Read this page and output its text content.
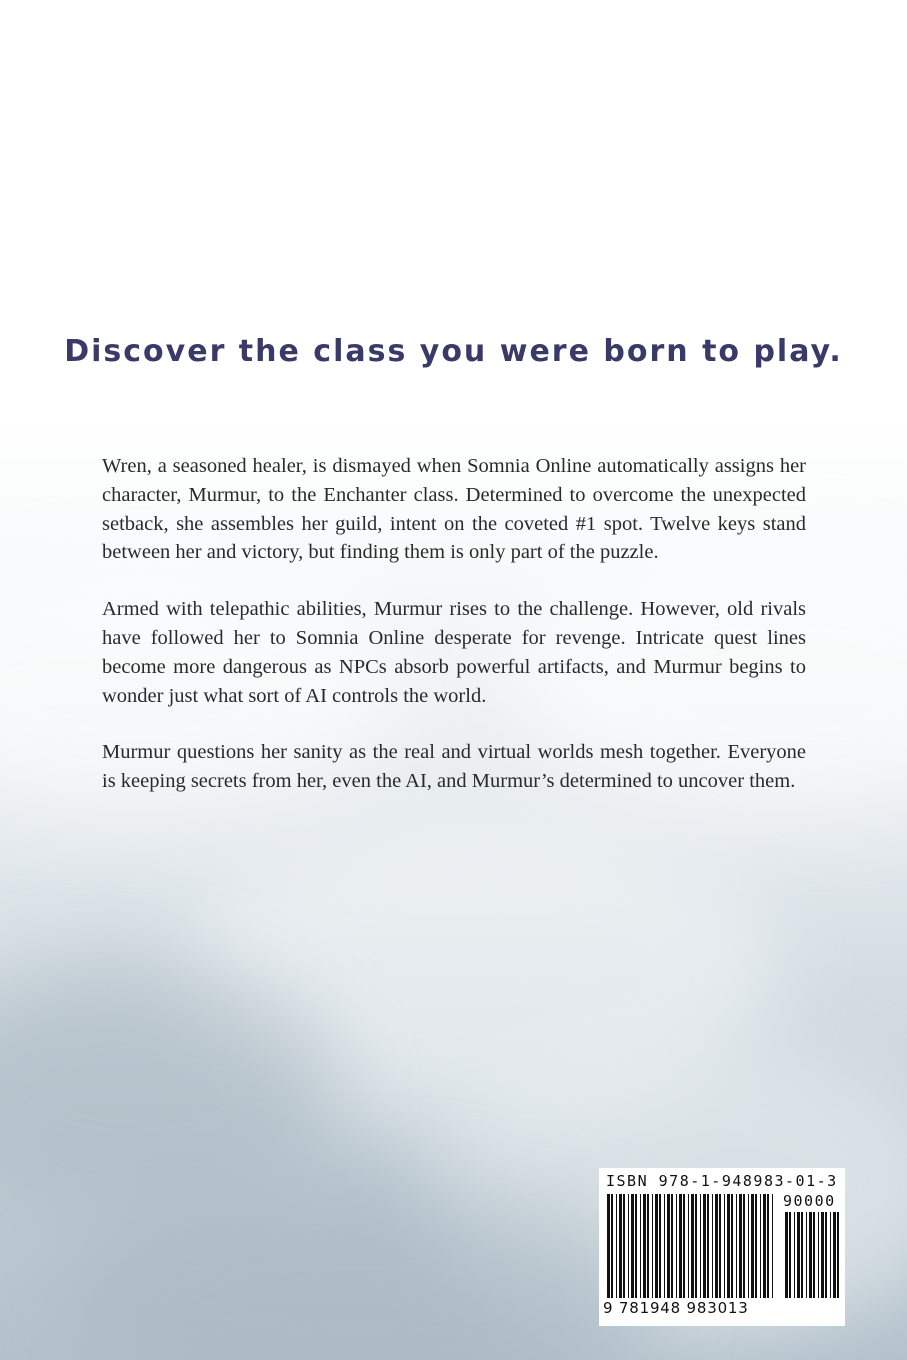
Discover the class you were born to play.

Wren, a seasoned healer, is dismayed when Somnia Online automatically assigns her character, Murmur, to the Enchanter class. Determined to overcome the unexpected setback, she assembles her guild, intent on the coveted #1 spot. Twelve keys stand between her and victory, but finding them is only part of the puzzle.

Armed with telepathic abilities, Murmur rises to the challenge. However, old rivals have followed her to Somnia Online desperate for revenge. Intricate quest lines become more dangerous as NPCs absorb powerful artifacts, and Murmur begins to wonder just what sort of AI controls the world.

Murmur questions her sanity as the real and virtual worlds mesh together. Everyone is keeping secrets from her, even the AI, and Murmur’s determined to uncover them.

ISBN 978-1-948983-01-3
90000
9 781948 983013
